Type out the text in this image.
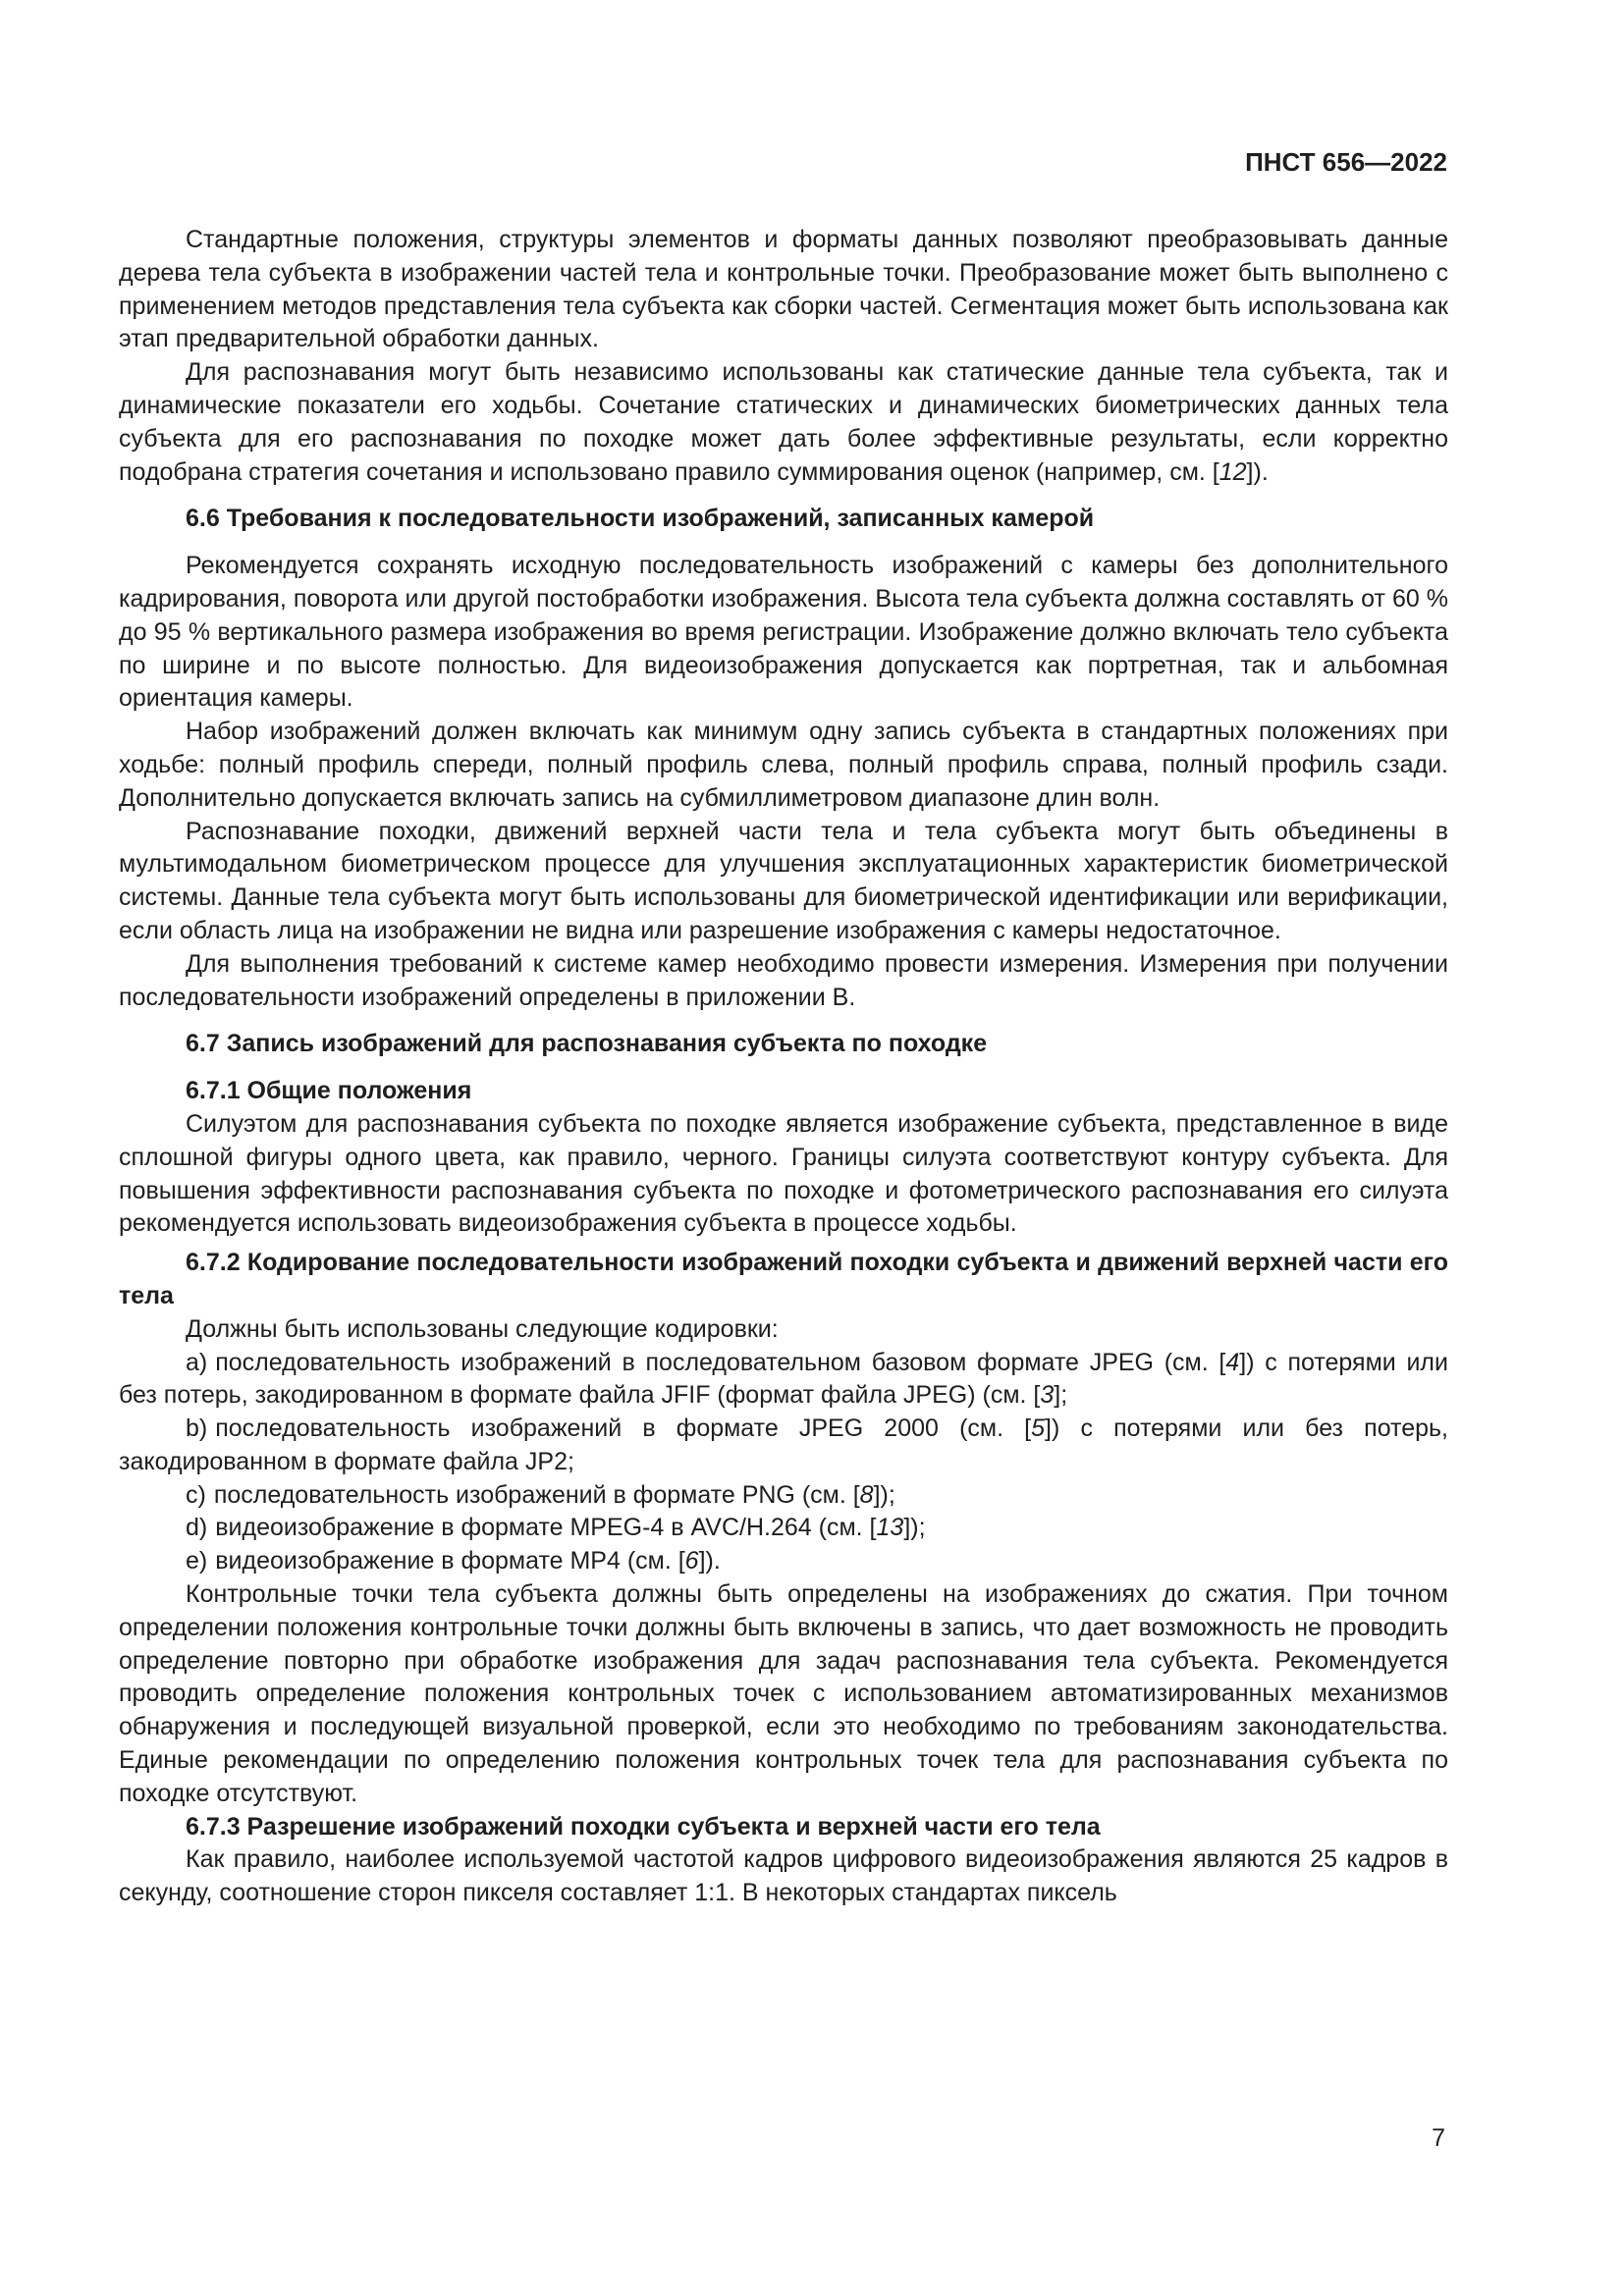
ПНСТ 656—2022

Стандартные положения, структуры элементов и форматы данных позволяют преобразовывать данные дерева тела субъекта в изображении частей тела и контрольные точки. Преобразование может быть выполнено с применением методов представления тела субъекта как сборки частей. Сегментация может быть использована как этап предварительной обработки данных.

Для распознавания могут быть независимо использованы как статические данные тела субъекта, так и динамические показатели его ходьбы. Сочетание статических и динамических биометрических данных тела субъекта для его распознавания по походке может дать более эффективные результаты, если корректно подобрана стратегия сочетания и использовано правило суммирования оценок (например, см. [12]).

6.6 Требования к последовательности изображений, записанных камерой

Рекомендуется сохранять исходную последовательность изображений с камеры без дополнительного кадрирования, поворота или другой постобработки изображения. Высота тела субъекта должна составлять от 60 % до 95 % вертикального размера изображения во время регистрации. Изображение должно включать тело субъекта по ширине и по высоте полностью. Для видеоизображения допускается как портретная, так и альбомная ориентация камеры.

Набор изображений должен включать как минимум одну запись субъекта в стандартных положениях при ходьбе: полный профиль спереди, полный профиль слева, полный профиль справа, полный профиль сзади. Дополнительно допускается включать запись на субмиллиметровом диапазоне длин волн.

Распознавание походки, движений верхней части тела и тела субъекта могут быть объединены в мультимодальном биометрическом процессе для улучшения эксплуатационных характеристик биометрической системы. Данные тела субъекта могут быть использованы для биометрической идентификации или верификации, если область лица на изображении не видна или разрешение изображения с камеры недостаточное.

Для выполнения требований к системе камер необходимо провести измерения. Измерения при получении последовательности изображений определены в приложении В.

6.7 Запись изображений для распознавания субъекта по походке

6.7.1 Общие положения

Силуэтом для распознавания субъекта по походке является изображение субъекта, представленное в виде сплошной фигуры одного цвета, как правило, черного. Границы силуэта соответствуют контуру субъекта. Для повышения эффективности распознавания субъекта по походке и фотометрического распознавания его силуэта рекомендуется использовать видеоизображения субъекта в процессе ходьбы.

6.7.2 Кодирование последовательности изображений походки субъекта и движений верхней части его тела

Должны быть использованы следующие кодировки:

a) последовательность изображений в последовательном базовом формате JPEG (см. [4]) с потерями или без потерь, закодированном в формате файла JFIF (формат файла JPEG) (см. [3];

b) последовательность изображений в формате JPEG 2000 (см. [5]) с потерями или без потерь, закодированном в формате файла JP2;

c) последовательность изображений в формате PNG (см. [8]);

d) видеоизображение в формате MPEG-4 в AVC/H.264 (см. [13]);

e) видеоизображение в формате MP4 (см. [6]).

Контрольные точки тела субъекта должны быть определены на изображениях до сжатия. При точном определении положения контрольные точки должны быть включены в запись, что дает возможность не проводить определение повторно при обработке изображения для задач распознавания тела субъекта. Рекомендуется проводить определение положения контрольных точек с использованием автоматизированных механизмов обнаружения и последующей визуальной проверкой, если это необходимо по требованиям законодательства. Единые рекомендации по определению положения контрольных точек тела для распознавания субъекта по походке отсутствуют.

6.7.3 Разрешение изображений походки субъекта и верхней части его тела

Как правило, наиболее используемой частотой кадров цифрового видеоизображения являются 25 кадров в секунду, соотношение сторон пикселя составляет 1:1. В некоторых стандартах пиксель

7
